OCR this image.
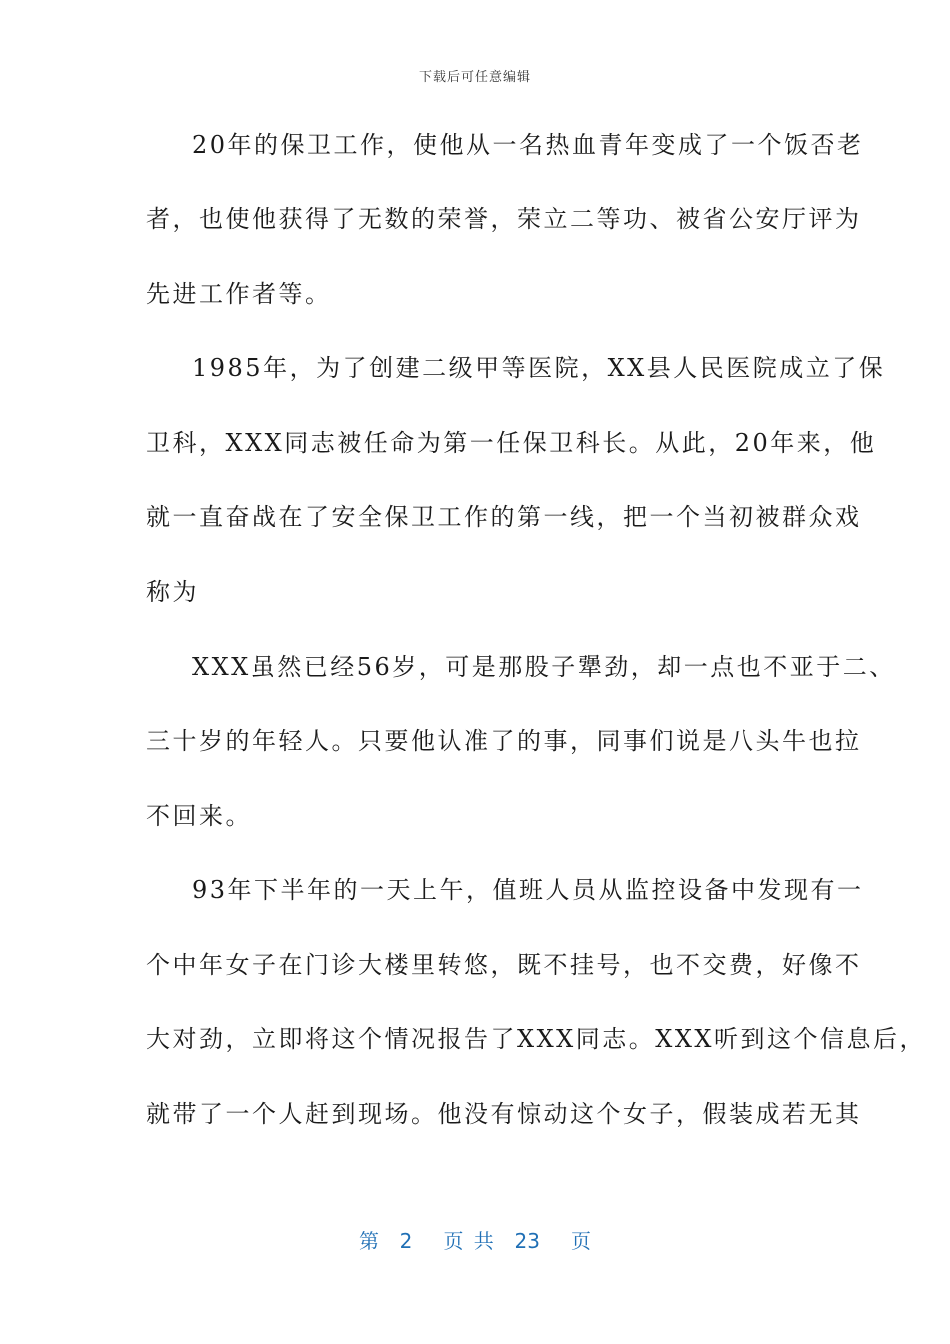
下载后可任意编辑
20年的保卫工作，使他从一名热血青年变成了一个饭否老
者，也使他获得了无数的荣誉，荣立二等功、被省公安厅评为
先进工作者等。
1985年，为了创建二级甲等医院，XX县人民医院成立了保
卫科，XXX同志被任命为第一任保卫科长。从此，20年来，他
就一直奋战在了安全保卫工作的第一线，把一个当初被群众戏
称为
XXX虽然已经56岁，可是那股子犟劲，却一点也不亚于二、
三十岁的年轻人。只要他认准了的事，同事们说是八头牛也拉
不回来。
93年下半年的一天上午，值班人员从监控设备中发现有一
个中年女子在门诊大楼里转悠，既不挂号，也不交费，好像不
大对劲，立即将这个情况报告了XXX同志。XXX听到这个信息后，
就带了一个人赶到现场。他没有惊动这个女子，假装成若无其
第  2   页 共  23   页
